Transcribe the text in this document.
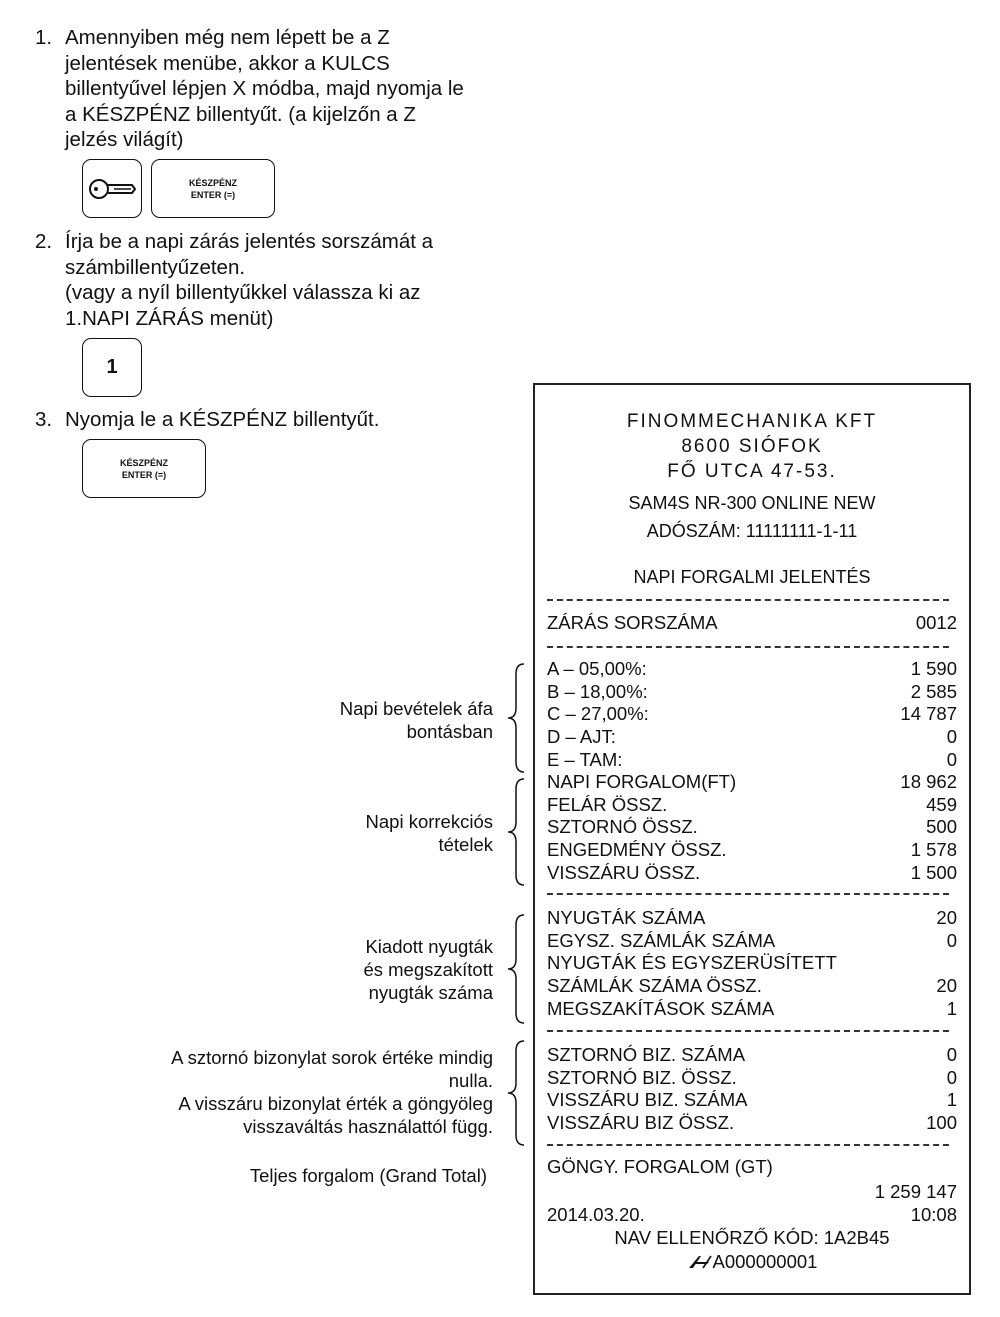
1. Amennyiben még nem lépett be a Z
jelentések menübe, akkor a KULCS
billentyűvel lépjen X módba, majd nyomja le
a KÉSZPÉNZ billentyűt. (a kijelzőn a Z
jelzés világít)
KÉSZPÉNZ
ENTER (=)
2. Írja be a napi zárás jelentés sorszámát a
számbillentyűzeten.
(vagy a nyíl billentyűkkel válassza ki az
1.NAPI ZÁRÁS menüt)
1
3. Nyomja le a KÉSZPÉNZ billentyűt.
KÉSZPÉNZ
ENTER (=)
Napi bevételek áfa
bontásban
Napi korrekciós
tételek
Kiadott nyugták
és megszakított
nyugták száma
A sztornó bizonylat sorok értéke mindig
nulla.
A visszáru bizonylat érték a göngyöleg
visszaváltás használattól függ.
Teljes forgalom (Grand Total)
FINOMMECHANIKA KFT
8600 SIÓFOK
FŐ UTCA 47-53.
SAM4S NR-300 ONLINE NEW
ADÓSZÁM: 11111111-1-11
NAPI FORGALMI JELENTÉS
ZÁRÁS SORSZÁMA	0012
A – 05,00%:	1 590
B – 18,00%:	2 585
C – 27,00%:	14 787
D – AJT:	0
E – TAM:	0
NAPI FORGALOM(FT)	18 962
FELÁR ÖSSZ.	459
SZTORNÓ ÖSSZ.	500
ENGEDMÉNY ÖSSZ.	1 578
VISSZÁRU ÖSSZ.	1 500
NYUGTÁK SZÁMA	20
EGYSZ. SZÁMLÁK SZÁMA	0
NYUGTÁK ÉS EGYSZERÜSÍTETT
SZÁMLÁK SZÁMA ÖSSZ.	20
MEGSZAKÍTÁSOK SZÁMA	1
SZTORNÓ BIZ. SZÁMA	0
SZTORNÓ BIZ. ÖSSZ.	0
VISSZÁRU BIZ. SZÁMA	1
VISSZÁRU BIZ ÖSSZ.	100
GÖNGY. FORGALOM (GT)
1 259 147
2014.03.20.	10:08
NAV ELLENŐRZŐ KÓD: 1A2B45
A000000001
